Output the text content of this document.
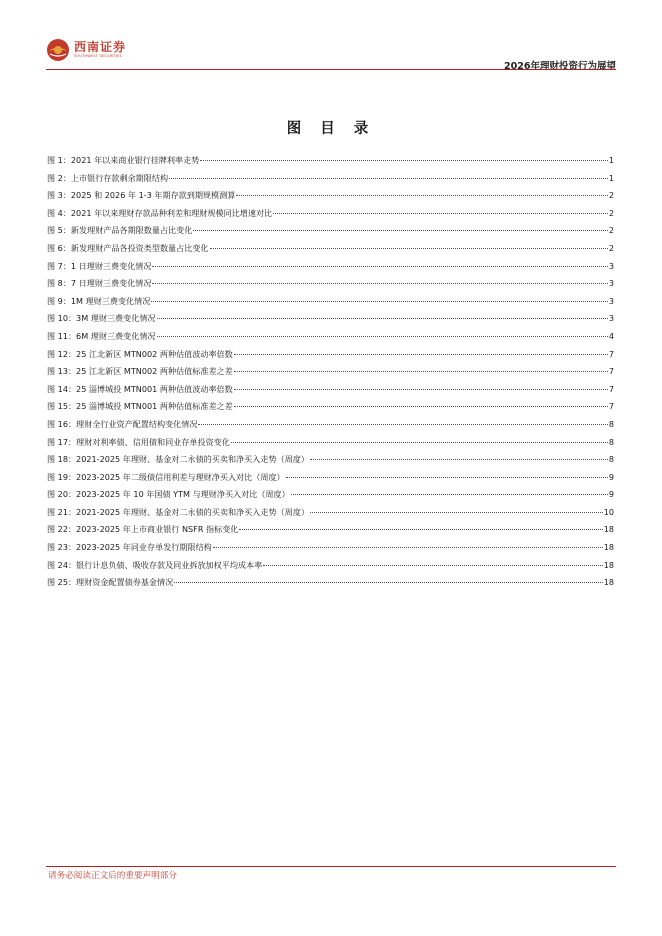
西南证券
SOUTHWEST SECURITIES
2026年理财投资行为展望
图 目 录
图 1：2021 年以来商业银行挂牌利率走势	1
图 2：上市银行存款剩余期限结构	1
图 3：2025 和 2026 年 1-3 年期存款到期规模测算	2
图 4：2021 年以来理财存款品种利差和理财规模同比增速对比	2
图 5：新发理财产品各期限数量占比变化	2
图 6：新发理财产品各投资类型数量占比变化	2
图 7：1 日理财三费变化情况	3
图 8：7 日理财三费变化情况	3
图 9：1M 理财三费变化情况	3
图 10：3M 理财三费变化情况	3
图 11：6M 理财三费变化情况	4
图 12：25 江北新区 MTN002 两种估值波动率倍数	7
图 13：25 江北新区 MTN002 两种估值标准差之差	7
图 14：25 淄博城投 MTN001 两种估值波动率倍数	7
图 15：25 淄博城投 MTN001 两种估值标准差之差	7
图 16：理财全行业资产配置结构变化情况	8
图 17：理财对利率债、信用债和同业存单投资变化	8
图 18：2021-2025 年理财、基金对二永债的买卖和净买入走势（周度）	8
图 19：2023-2025 年二级债信用利差与理财净买入对比（周度）	9
图 20：2023-2025 年 10 年国债 YTM 与理财净买入对比（周度）	9
图 21：2021-2025 年理财、基金对二永债的买卖和净买入走势（周度）	10
图 22：2023-2025 年上市商业银行 NSFR 指标变化	18
图 23：2023-2025 年同业存单发行期限结构	18
图 24：银行计息负债、吸收存款及同业拆放加权平均成本率	18
图 25：理财资金配置债券基金情况	18
请务必阅读正文后的重要声明部分
